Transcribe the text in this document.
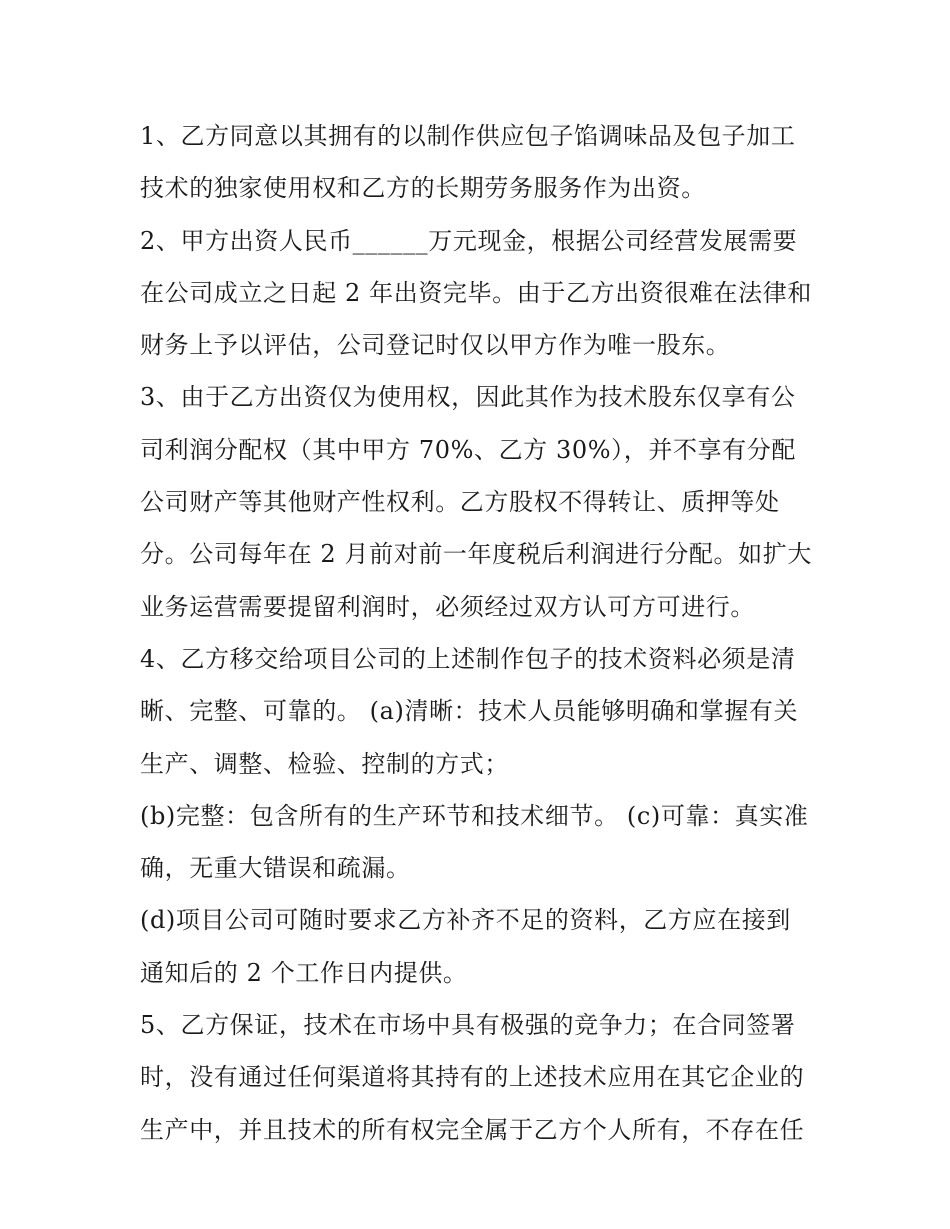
1、乙方同意以其拥有的以制作供应包子馅调味品及包子加工
技术的独家使用权和乙方的长期劳务服务作为出资。
2、甲方出资人民币______万元现金，根据公司经营发展需要
在公司成立之日起 2 年出资完毕。由于乙方出资很难在法律和
财务上予以评估，公司登记时仅以甲方作为唯一股东。
3、由于乙方出资仅为使用权，因此其作为技术股东仅享有公
司利润分配权（其中甲方 70%、乙方 30%），并不享有分配
公司财产等其他财产性权利。乙方股权不得转让、质押等处
分。公司每年在 2 月前对前一年度税后利润进行分配。如扩大
业务运营需要提留利润时，必须经过双方认可方可进行。
4、乙方移交给项目公司的上述制作包子的技术资料必须是清
晰、完整、可靠的。 (a)清晰：技术人员能够明确和掌握有关
生产、调整、检验、控制的方式；
(b)完整：包含所有的生产环节和技术细节。 (c)可靠：真实准
确，无重大错误和疏漏。
(d)项目公司可随时要求乙方补齐不足的资料，乙方应在接到
通知后的 2 个工作日内提供。
5、乙方保证，技术在市场中具有极强的竞争力；在合同签署
时，没有通过任何渠道将其持有的上述技术应用在其它企业的
生产中，并且技术的所有权完全属于乙方个人所有，不存在任
